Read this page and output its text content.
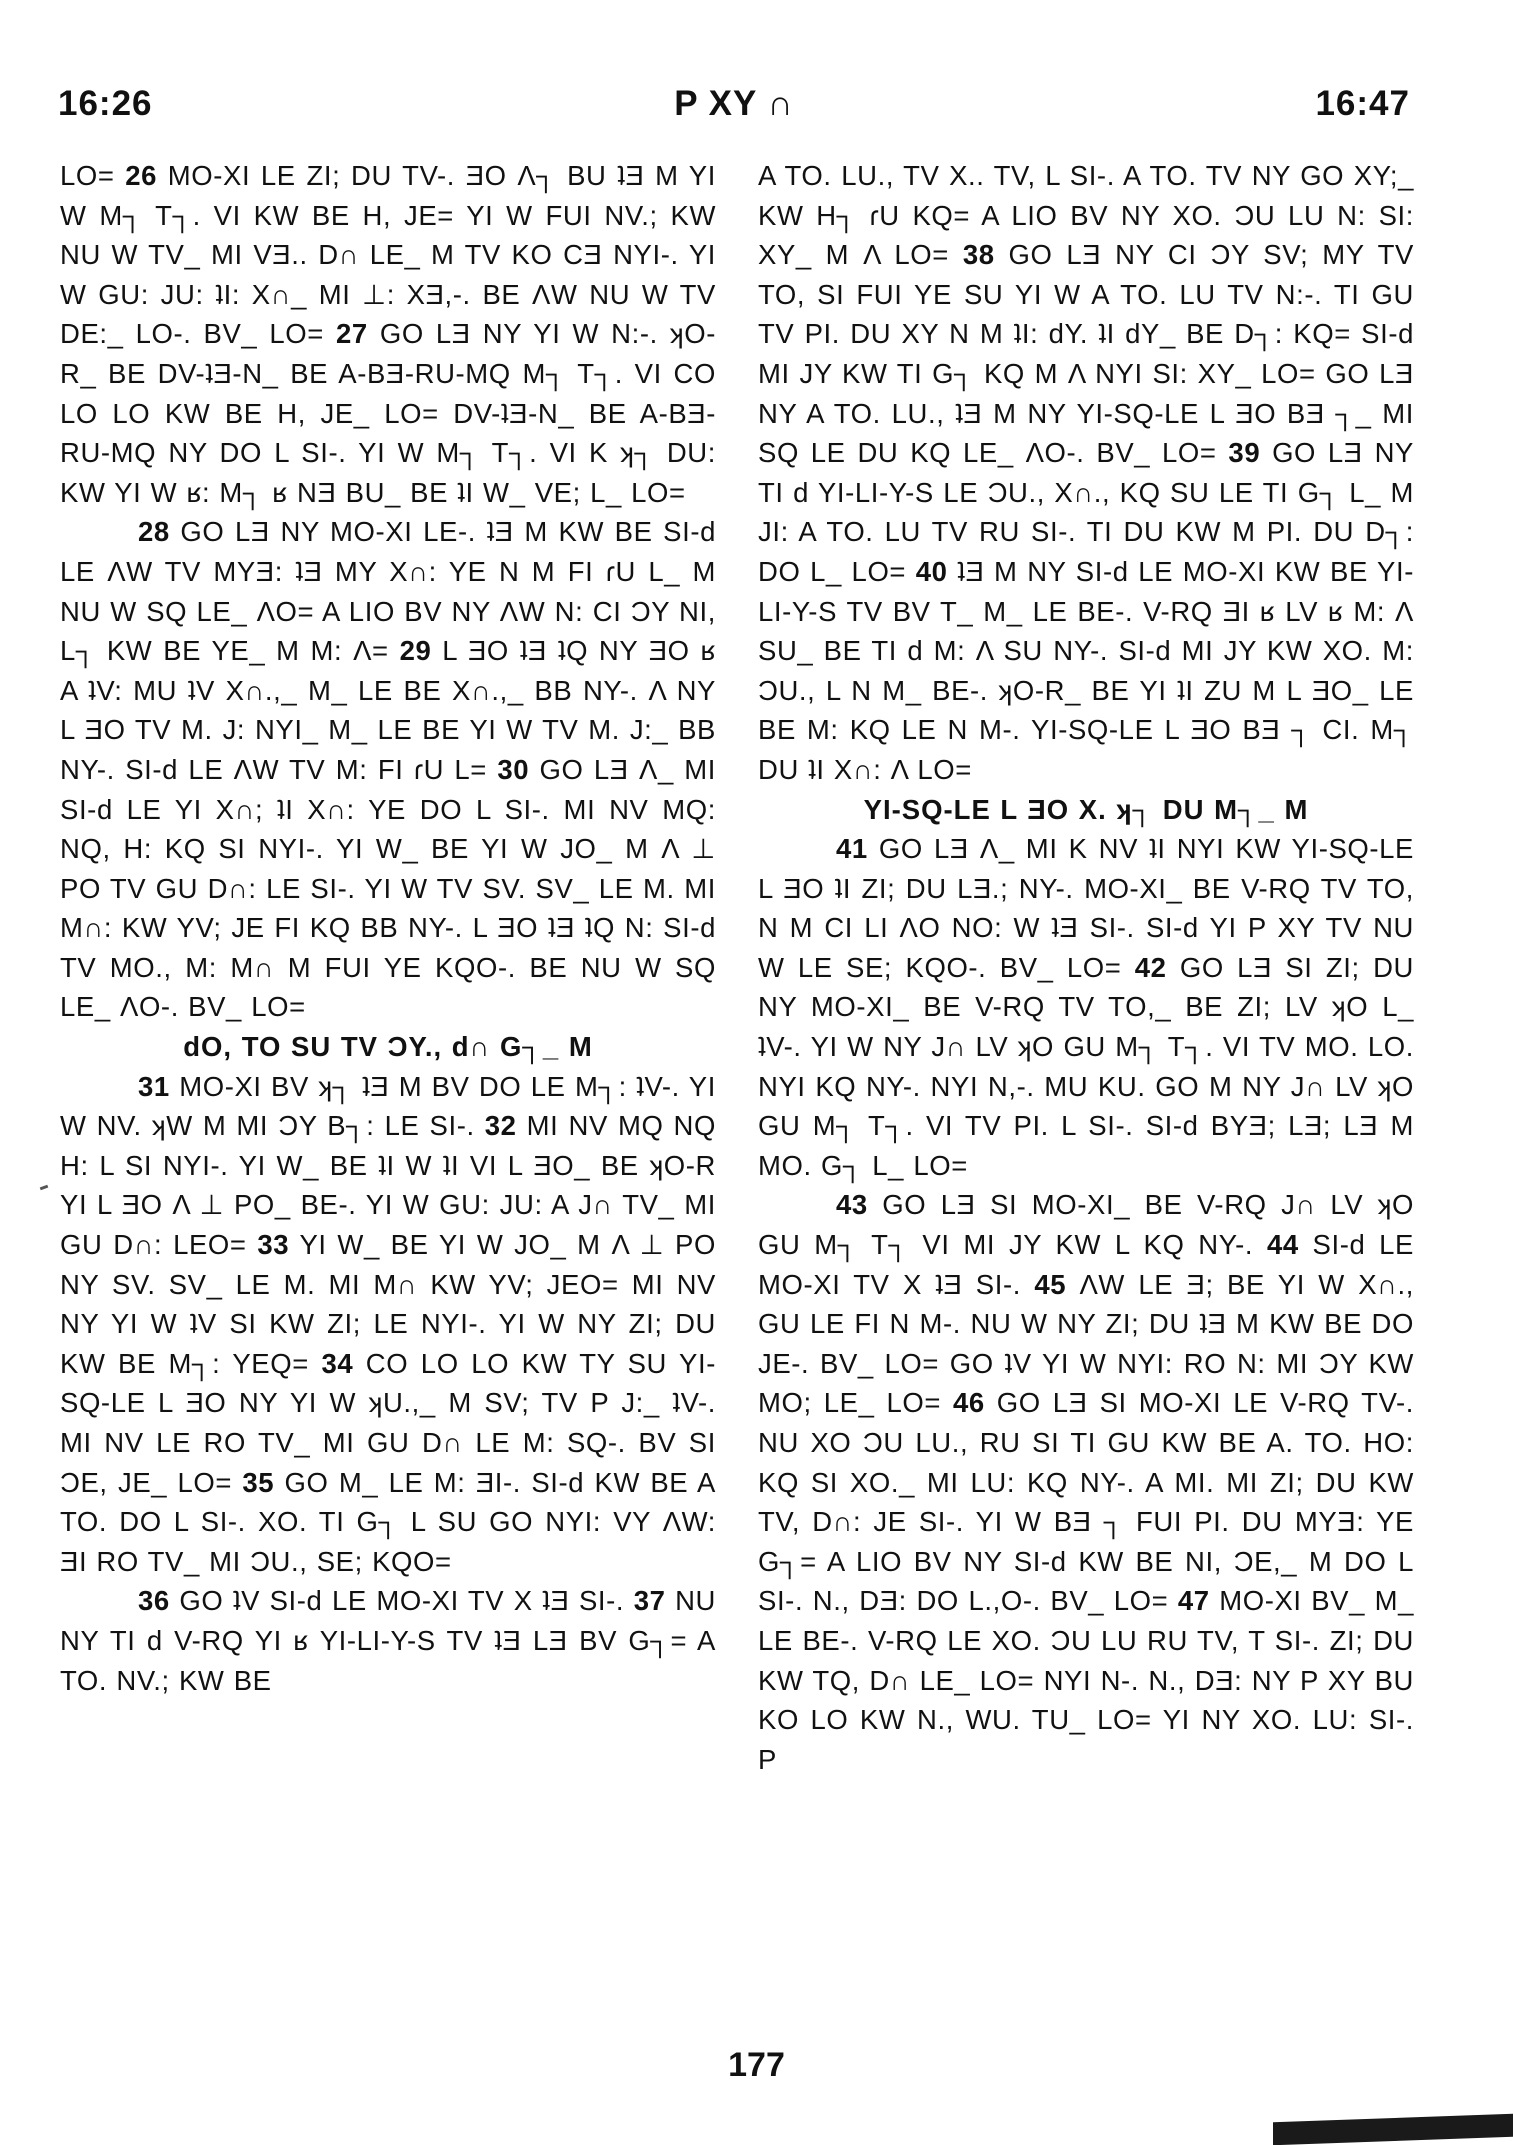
16:26	P XY ∩	16:47

LO= 26 MO-XI LE ZI; DU TV-. ƎO Λ┐ BU ʇƎ M YI W M┐ T┐. VI KW BE H, JE= YI W FUI NV.; KW NU W TV_ MI VƎ.. D∩ LE_ M TV KO CƎ NYI-. YI W GU: JU: ʇI: X∩_ MI ⊥: XƎ,-. BE ΛW NU W TV DE:_ LO-. BV_ LO= 27 GO LƎ NY YI W N:-. ʞO-R_ BE DV-ʇƎ-N_ BE A-BƎ-RU-MQ M┐ T┐. VI CO LO LO KW BE H, JE_ LO= DV-ʇƎ-N_ BE A-BƎ-RU-MQ NY DO L SI-. YI W M┐ T┐. VI K ʞ┐ DU: KW YI W ʁ: M┐ ʁ NƎ BU_ BE ʇI W_ VE; L_ LO=

28 GO LƎ NY MO-XI LE-. ʇƎ M KW BE SI-d LE ΛW TV MYƎ: ʇƎ MY X∩: YE N M FI ɾU L_ M NU W SQ LE_ ΛO= A LIO BV NY ΛW N: CI ƆY NI, L┐ KW BE YE_ M M: Λ= 29 L ƎO ʇƎ ʇQ NY ƎO ʁ A ʇV: MU ʇV X∩.,_ M_ LE BE X∩.,_ BB NY-. Λ NY L ƎO TV M. J: NYI_ M_ LE BE YI W TV M. J:_ BB NY-. SI-d LE ΛW TV M: FI ɾU L= 30 GO LƎ Λ_ MI SI-d LE YI X∩; ʇI X∩: YE DO L SI-. MI NV MQ: NQ, H: KQ SI NYI-. YI W_ BE YI W JO_ M Λ ⊥ PO TV GU D∩: LE SI-. YI W TV SV. SV_ LE M. MI M∩: KW YV; JE FI KQ BB NY-. L ƎO ʇƎ ʇQ N: SI-d TV MO., M: M∩ M FUI YE KQO-. BE NU W SQ LE_ ΛO-. BV_ LO=

dO, TO SU TV ƆY., d∩ G┐_ M

31 MO-XI BV ʞ┐ ʇƎ M BV DO LE M┐: ʇV-. YI W NV. ʞW M MI ƆY B┐: LE SI-. 32 MI NV MQ NQ H: L SI NYI-. YI W_ BE ʇI W ʇI VI L ƎO_ BE ʞO-R YI L ƎO Λ ⊥ PO_ BE-. YI W GU: JU: A J∩ TV_ MI GU D∩: LEO= 33 YI W_ BE YI W JO_ M Λ ⊥ PO NY SV. SV_ LE M. MI M∩ KW YV; JEO= MI NV NY YI W ʇV SI KW ZI; LE NYI-. YI W NY ZI; DU KW BE M┐: YEQ= 34 CO LO LO KW TY SU YI-SQ-LE L ƎO NY YI W ʞU.,_ M SV; TV P J:_ ʇV-. MI NV LE RO TV_ MI GU D∩ LE M: SQ-. BV SI ƆE, JE_ LO= 35 GO M_ LE M: ƎI-. SI-d KW BE A TO. DO L SI-. XO. TI G┐ L SU GO NYI: VY ΛW: ƎI RO TV_ MI ƆU., SE; KQO=

36 GO ʇV SI-d LE MO-XI TV X ʇƎ SI-. 37 NU NY TI d V-RQ YI ʁ YI-LI-Y-S TV ʇƎ LƎ BV G┐= A TO. NV.; KW BE

A TO. LU., TV X.. TV, L SI-. A TO. TV NY GO XY;_ KW H┐ ɾU KQ= A LIO BV NY XO. ƆU LU N: SI: XY_ M Λ LO= 38 GO LƎ NY CI ƆY SV; MY TV TO, SI FUI YE SU YI W A TO. LU TV N:-. TI GU TV PI. DU XY N M ʇI: dY. ʇI dY_ BE D┐: KQ= SI-d MI JY KW TI G┐ KQ M Λ NYI SI: XY_ LO= GO LƎ NY A TO. LU., ʇƎ M NY YI-SQ-LE L ƎO BƎ ┐_ MI SQ LE DU KQ LE_ ΛO-. BV_ LO= 39 GO LƎ NY TI d YI-LI-Y-S LE ƆU., X∩., KQ SU LE TI G┐ L_ M JI: A TO. LU TV RU SI-. TI DU KW M PI. DU D┐: DO L_ LO= 40 ʇƎ M NY SI-d LE MO-XI KW BE YI-LI-Y-S TV BV T_ M_ LE BE-. V-RQ ƎI ʁ LV ʁ M: Λ SU_ BE TI d M: Λ SU NY-. SI-d MI JY KW XO. M: ƆU., L N M_ BE-. ʞO-R_ BE YI ʇI ZU M L ƎO_ LE BE M: KQ LE N M-. YI-SQ-LE L ƎO BƎ ┐ CI. M┐ DU ʇI X∩: Λ LO=

YI-SQ-LE L ƎO X. ʞ┐ DU M┐_ M

41 GO LƎ Λ_ MI K NV ʇI NYI KW YI-SQ-LE L ƎO ʇI ZI; DU LƎ.; NY-. MO-XI_ BE V-RQ TV TO, N M CI LI ΛO NO: W ʇƎ SI-. SI-d YI P XY TV NU W LE SE; KQO-. BV_ LO= 42 GO LƎ SI ZI; DU NY MO-XI_ BE V-RQ TV TO,_ BE ZI; LV ʞO L_ ʇV-. YI W NY J∩ LV ʞO GU M┐ T┐. VI TV MO. LO. NYI KQ NY-. NYI N,-. MU KU. GO M NY J∩ LV ʞO GU M┐ T┐. VI TV PI. L SI-. SI-d BYƎ; LƎ; LƎ M MO. G┐ L_ LO=

43 GO LƎ SI MO-XI_ BE V-RQ J∩ LV ʞO GU M┐ T┐ VI MI JY KW L KQ NY-. 44 SI-d LE MO-XI TV X ʇƎ SI-. 45 ΛW LE Ǝ; BE YI W X∩., GU LE FI N M-. NU W NY ZI; DU ʇƎ M KW BE DO JE-. BV_ LO= GO ʇV YI W NYI: RO N: MI ƆY KW MO; LE_ LO= 46 GO LƎ SI MO-XI LE V-RQ TV-. NU XO ƆU LU., RU SI TI GU KW BE A. TO. HO: KQ SI XO._ MI LU: KQ NY-. A MI. MI ZI; DU KW TV, D∩: JE SI-. YI W BƎ ┐ FUI PI. DU MYƎ: YE G┐= A LIO BV NY SI-d KW BE NI, ƆE,_ M DO L SI-. N., DƎ: DO L.,O-. BV_ LO= 47 MO-XI BV_ M_ LE BE-. V-RQ LE XO. ƆU LU RU TV, T SI-. ZI; DU KW TQ, D∩ LE_ LO= NYI N-. N., DƎ: NY P XY BU KO LO KW N., WU. TU_ LO= YI NY XO. LU: SI-. P

177
